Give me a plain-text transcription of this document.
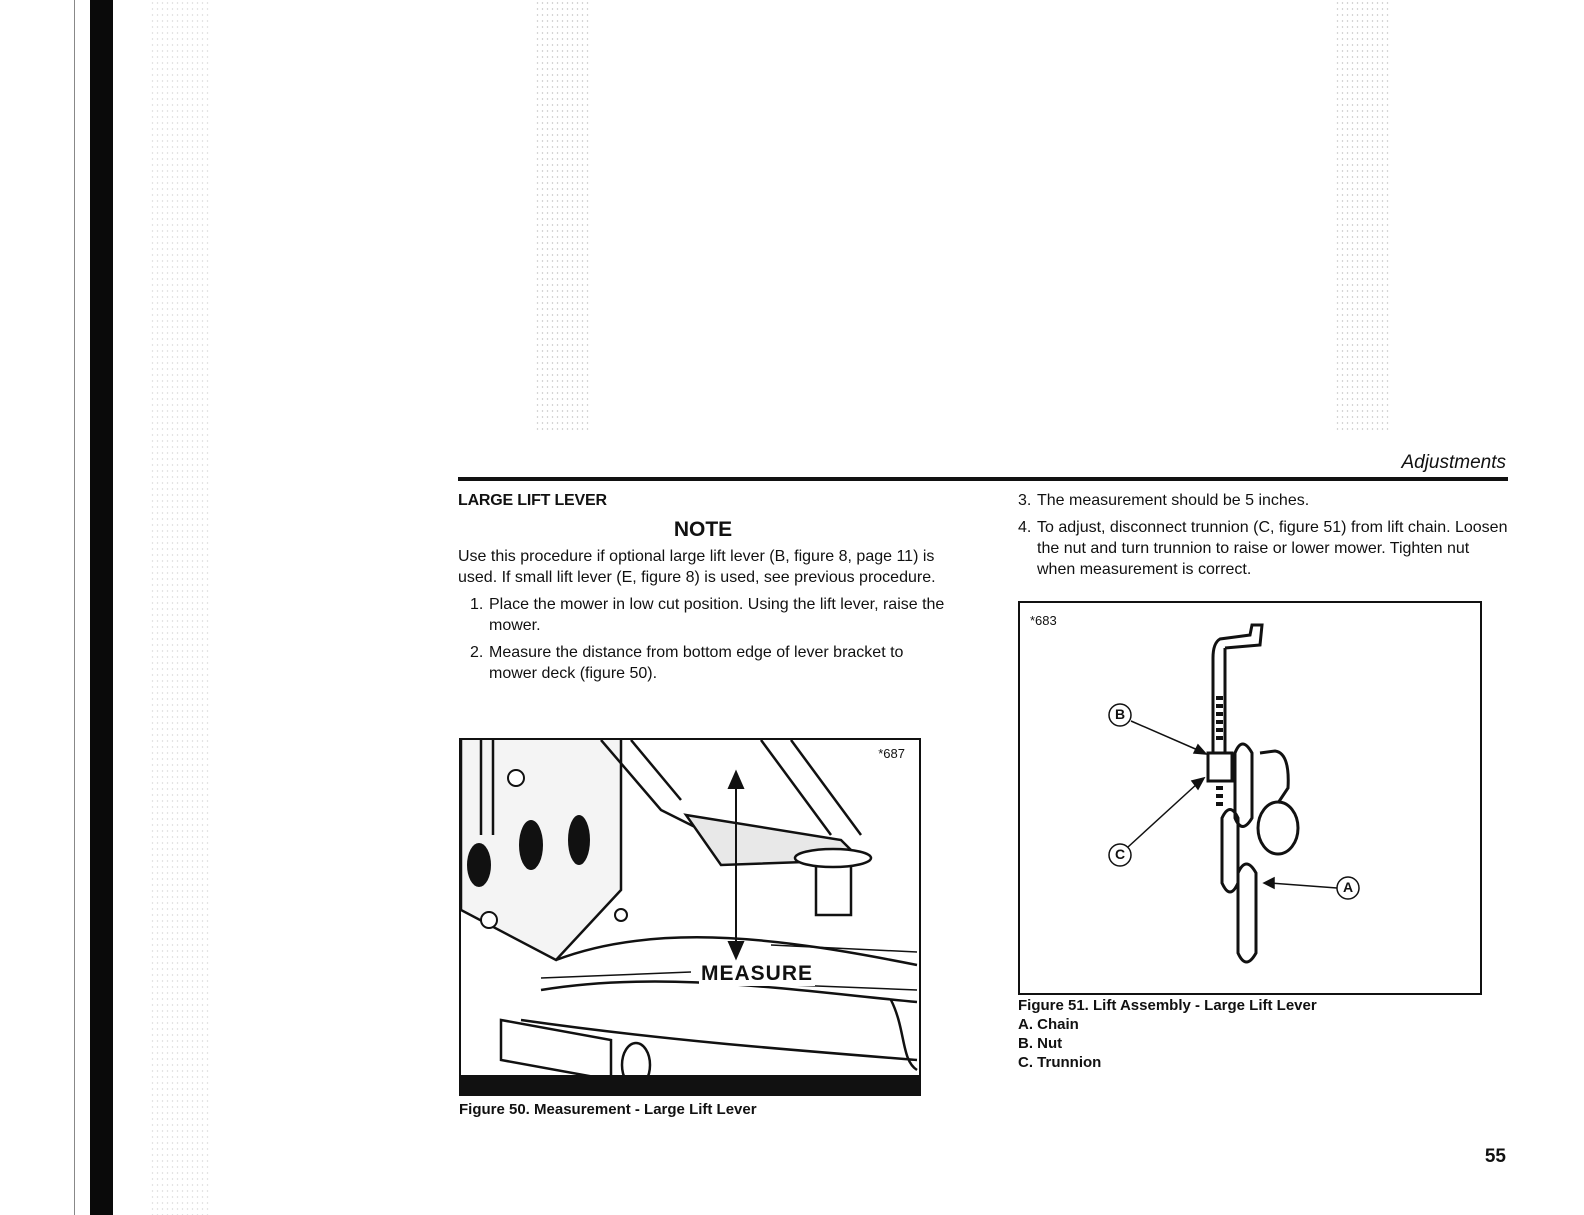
Adjustments
LARGE LIFT LEVER
NOTE

Use this procedure if optional large lift lever (B, figure 8, page 11) is used. If small lift lever (E, figure 8) is used, see previous procedure.

1. Place the mower in low cut position. Using the lift lever, raise the mower.
2. Measure the distance from bottom edge of lever bracket to mower deck (figure 50).
3. The measurement should be 5 inches.
4. To adjust, disconnect trunnion (C, figure 51) from lift chain. Loosen the nut and turn trunnion to raise or lower mower. Tighten nut when measurement is correct.
*687
MEASURE
Figure 50. Measurement - Large Lift Lever
*683
B
C
A
Figure 51. Lift Assembly - Large Lift Lever
A. Chain
B. Nut
C. Trunnion
55
